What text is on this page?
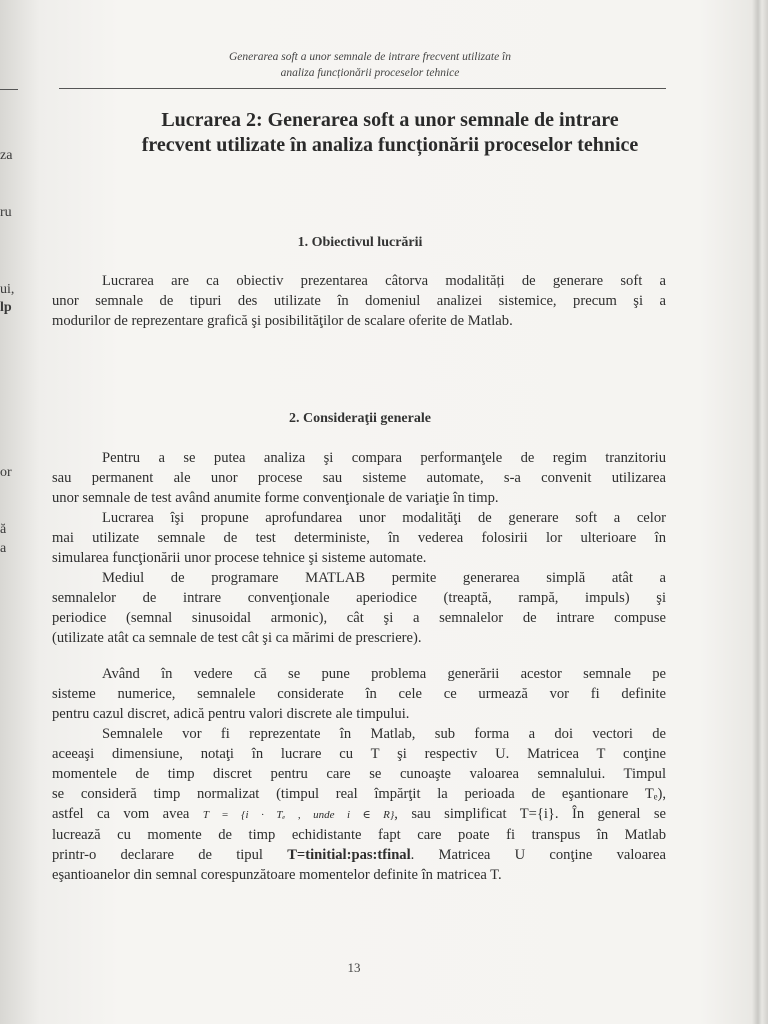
za
ru
ui,
lp
or
ă
a
Generarea soft a unor semnale de intrare frecvent utilizate în
analiza funcționării proceselor tehnice
Lucrarea 2: Generarea soft a unor semnale de intrare
frecvent utilizate în analiza funcționării proceselor tehnice
1. Obiectivul lucrării
Lucrarea are ca obiectiv prezentarea câtorva modalități de generare soft a
unor semnale de tipuri des utilizate în domeniul analizei sistemice, precum şi a
modurilor de reprezentare grafică şi posibilităţilor de scalare oferite de Matlab.
2. Consideraţii generale
Pentru a se putea analiza şi compara performanţele de regim tranzitoriu
sau permanent ale unor procese sau sisteme automate, s-a convenit utilizarea
unor semnale de test având anumite forme convenţionale de variaţie în timp.
Lucrarea îşi propune aprofundarea unor modalităţi de generare soft a celor
mai utilizate semnale de test deterministe, în vederea folosirii lor ulterioare în
simularea funcţionării unor procese tehnice şi sisteme automate.
Mediul de programare MATLAB permite generarea simplă atât a
semnalelor de intrare convenţionale aperiodice (treaptă, rampă, impuls) şi
periodice (semnal sinusoidal armonic), cât şi a semnalelor de intrare compuse
(utilizate atât ca semnale de test cât şi ca mărimi de prescriere).
Având în vedere că se pune problema generării acestor semnale pe
sisteme numerice, semnalele considerate în cele ce urmează vor fi definite
pentru cazul discret, adică pentru valori discrete ale timpului.
Semnalele vor fi reprezentate în Matlab, sub forma a doi vectori de
aceeaşi dimensiune, notaţi în lucrare cu T şi respectiv U. Matricea T conţine
momentele de timp discret pentru care se cunoaşte valoarea semnalului. Timpul
se consideră timp normalizat (timpul real împărţit la perioada de eşantionare Tₑ),
astfel ca vom avea T = {i · Tₑ , unde i ∈ R}, sau simplificat T={i}. În general se
lucrează cu momente de timp echidistante fapt care poate fi transpus în Matlab
printr-o declarare de tipul T=tinitial:pas:tfinal. Matricea U conţine valoarea
eşantioanelor din semnal corespunzătoare momentelor definite în matricea T.
13
